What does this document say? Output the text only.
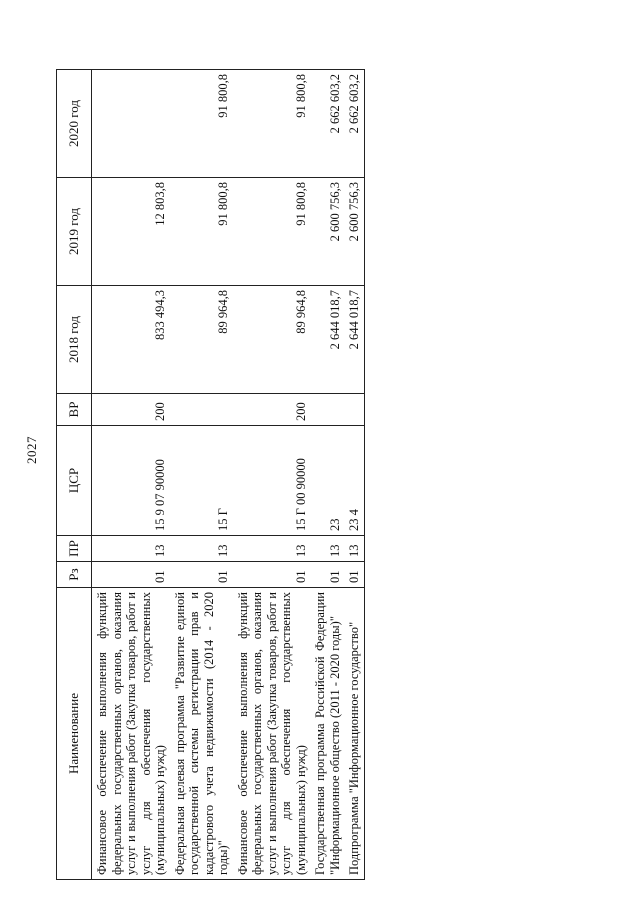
2027
Наименование	Рз	ПР	ЦСР	ВР	2018 год	2019 год	2020 год
Финансовое обеспечение выполнения функций федеральных государственных органов, оказания услуг и выполнения работ (Закупка товаров, работ и услуг для обеспечения государственных (муниципальных) нужд)	01	13	15 9 07 90000	200	833 494,3	12 803,8	
Федеральная целевая программа "Развитие единой государственной системы регистрации прав и кадастрового учета недвижимости (2014 - 2020 годы)"	01	13	15 Г		89 964,8	91 800,8	91 800,8
Финансовое обеспечение выполнения функций федеральных государственных органов, оказания услуг и выполнения работ (Закупка товаров, работ и услуг для обеспечения государственных (муниципальных) нужд)	01	13	15 Г 00 90000	200	89 964,8	91 800,8	91 800,8
Государственная программа Российской Федерации "Информационное общество (2011 - 2020 годы)"	01	13	23		2 644 018,7	2 600 756,3	2 662 603,2
Подпрограмма "Информационное государство"	01	13	23 4		2 644 018,7	2 600 756,3	2 662 603,2
